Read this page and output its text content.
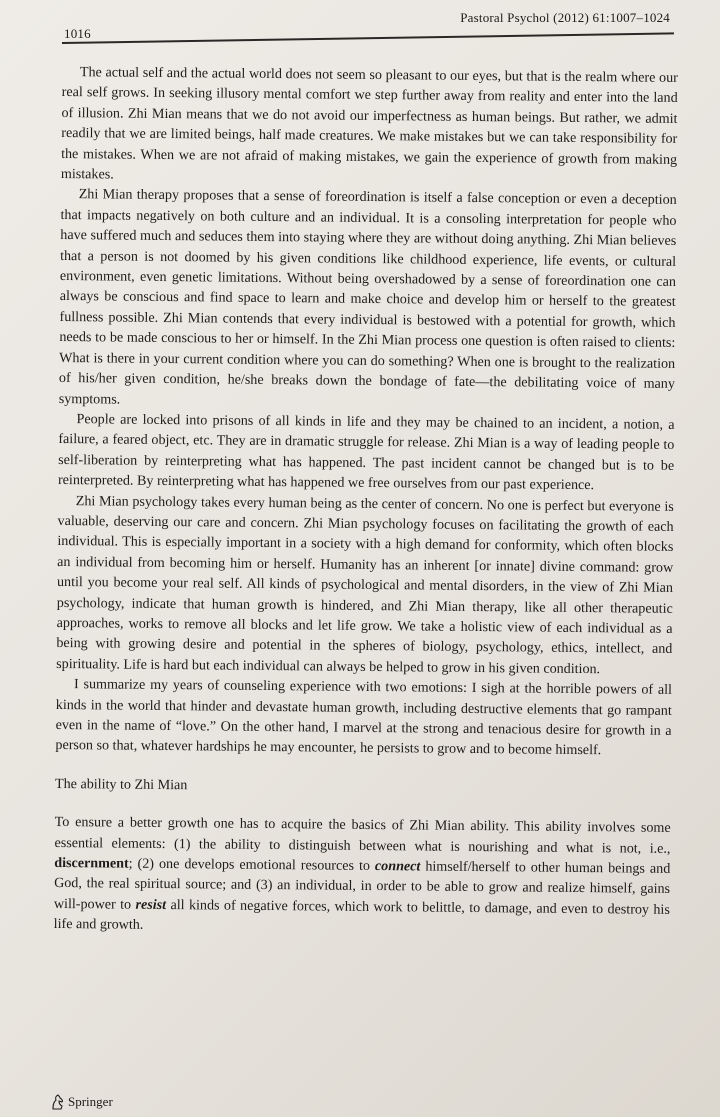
1016
Pastoral Psychol (2012) 61:1007–1024

The actual self and the actual world does not seem so pleasant to our eyes, but that is the realm where our real self grows. In seeking illusory mental comfort we step further away from reality and enter into the land of illusion. Zhi Mian means that we do not avoid our imperfectness as human beings. But rather, we admit readily that we are limited beings, half made creatures. We make mistakes but we can take responsibility for the mistakes. When we are not afraid of making mistakes, we gain the experience of growth from making mistakes.

Zhi Mian therapy proposes that a sense of foreordination is itself a false conception or even a deception that impacts negatively on both culture and an individual. It is a consoling interpretation for people who have suffered much and seduces them into staying where they are without doing anything. Zhi Mian believes that a person is not doomed by his given conditions like childhood experience, life events, or cultural environment, even genetic limitations. Without being overshadowed by a sense of foreordination one can always be conscious and find space to learn and make choice and develop him or herself to the greatest fullness possible. Zhi Mian contends that every individual is bestowed with a potential for growth, which needs to be made conscious to her or himself. In the Zhi Mian process one question is often raised to clients: What is there in your current condition where you can do something? When one is brought to the realization of his/her given condition, he/she breaks down the bondage of fate—the debilitating voice of many symptoms.

People are locked into prisons of all kinds in life and they may be chained to an incident, a notion, a failure, a feared object, etc. They are in dramatic struggle for release. Zhi Mian is a way of leading people to self-liberation by reinterpreting what has happened. The past incident cannot be changed but is to be reinterpreted. By reinterpreting what has happened we free ourselves from our past experience.

Zhi Mian psychology takes every human being as the center of concern. No one is perfect but everyone is valuable, deserving our care and concern. Zhi Mian psychology focuses on facilitating the growth of each individual. This is especially important in a society with a high demand for conformity, which often blocks an individual from becoming him or herself. Humanity has an inherent [or innate] divine command: grow until you become your real self. All kinds of psychological and mental disorders, in the view of Zhi Mian psychology, indicate that human growth is hindered, and Zhi Mian therapy, like all other therapeutic approaches, works to remove all blocks and let life grow. We take a holistic view of each individual as a being with growing desire and potential in the spheres of biology, psychology, ethics, intellect, and spirituality. Life is hard but each individual can always be helped to grow in his given condition.

I summarize my years of counseling experience with two emotions: I sigh at the horrible powers of all kinds in the world that hinder and devastate human growth, including destructive elements that go rampant even in the name of “love.” On the other hand, I marvel at the strong and tenacious desire for growth in a person so that, whatever hardships he may encounter, he persists to grow and to become himself.

The ability to Zhi Mian

To ensure a better growth one has to acquire the basics of Zhi Mian ability. This ability involves some essential elements: (1) the ability to distinguish between what is nourishing and what is not, i.e., discernment; (2) one develops emotional resources to connect himself/herself to other human beings and God, the real spiritual source; and (3) an individual, in order to be able to grow and realize himself, gains will-power to resist all kinds of negative forces, which work to belittle, to damage, and even to destroy his life and growth.

Springer
